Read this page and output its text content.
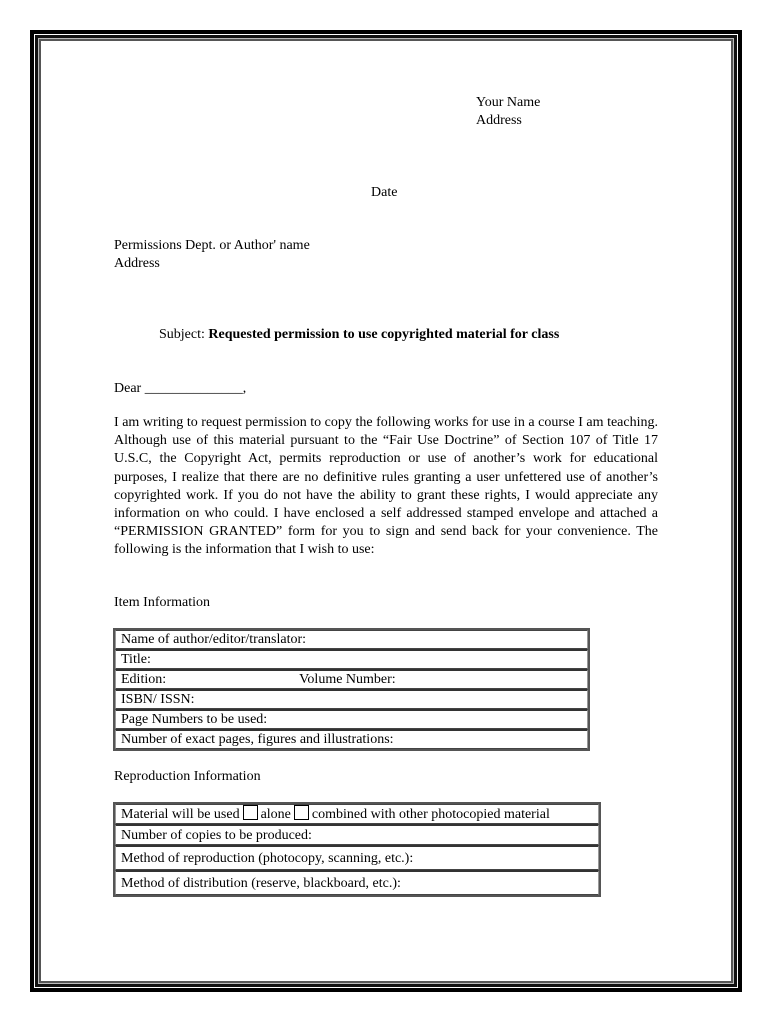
Your Name
Address
Date
Permissions Dept. or Author' name
Address
Subject: Requested permission to use copyrighted material for class
Dear ______________,
I am writing to request permission to copy the following works for use in a course I am teaching. Although use of this material pursuant to the “Fair Use Doctrine” of Section 107 of Title 17 U.S.C, the Copyright Act, permits reproduction or use of another’s work for educational purposes, I realize that there are no definitive rules granting a user unfettered use of another’s copyrighted work. If you do not have the ability to grant these rights, I would appreciate any information on who could. I have enclosed a self addressed stamped envelope and attached a “PERMISSION GRANTED” form for you to sign and send back for your convenience. The following is the information that I wish to use:
Item Information
Name of author/editor/translator:
Title:
Edition:	Volume Number:
ISBN/ ISSN:
Page Numbers to be used:
Number of exact pages, figures and illustrations:
Reproduction Information
Material will be used alone combined with other photocopied material
Number of copies to be produced:
Method of reproduction (photocopy, scanning, etc.):
Method of distribution (reserve, blackboard, etc.):
